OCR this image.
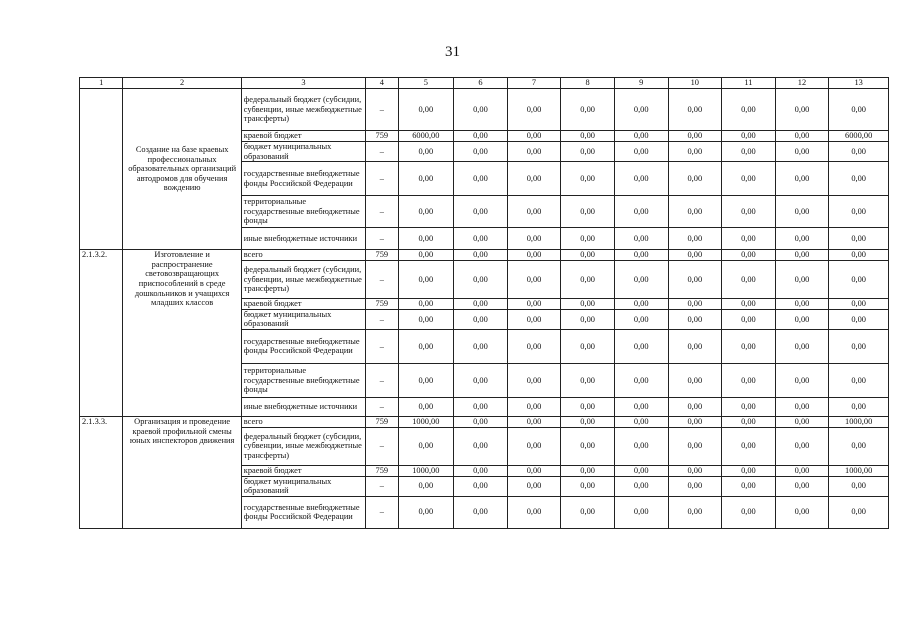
31
1	2	3	4	5	6	7	8	9	10	11	12	13
	Создание на базе краевых профессиональных образовательных организаций автодромов для обучения вождению	федеральный бюджет (субсидии, субвенции, иные межбюджетные трансферты)	–	0,00	0,00	0,00	0,00	0,00	0,00	0,00	0,00	0,00
		краевой бюджет	759	6000,00	0,00	0,00	0,00	0,00	0,00	0,00	0,00	6000,00
		бюджет муниципальных образований	–	0,00	0,00	0,00	0,00	0,00	0,00	0,00	0,00	0,00
		государственные внебюджетные фонды Российской Федерации	–	0,00	0,00	0,00	0,00	0,00	0,00	0,00	0,00	0,00
		территориальные государственные внебюджетные фонды	–	0,00	0,00	0,00	0,00	0,00	0,00	0,00	0,00	0,00
		иные внебюджетные источники	–	0,00	0,00	0,00	0,00	0,00	0,00	0,00	0,00	0,00
2.1.3.2.	Изготовление и распространение световозвращающих приспособлений в среде дошкольников и учащихся младших классов	всего	759	0,00	0,00	0,00	0,00	0,00	0,00	0,00	0,00	0,00
		федеральный бюджет (субсидии, субвенции, иные межбюджетные трансферты)	–	0,00	0,00	0,00	0,00	0,00	0,00	0,00	0,00	0,00
		краевой бюджет	759	0,00	0,00	0,00	0,00	0,00	0,00	0,00	0,00	0,00
		бюджет муниципальных образований	–	0,00	0,00	0,00	0,00	0,00	0,00	0,00	0,00	0,00
		государственные внебюджетные фонды Российской Федерации	–	0,00	0,00	0,00	0,00	0,00	0,00	0,00	0,00	0,00
		территориальные государственные внебюджетные фонды	–	0,00	0,00	0,00	0,00	0,00	0,00	0,00	0,00	0,00
		иные внебюджетные источники	–	0,00	0,00	0,00	0,00	0,00	0,00	0,00	0,00	0,00
2.1.3.3.	Организация и проведение краевой профильной смены юных инспекторов движения	всего	759	1000,00	0,00	0,00	0,00	0,00	0,00	0,00	0,00	1000,00
		федеральный бюджет (субсидии, субвенции, иные межбюджетные трансферты)	–	0,00	0,00	0,00	0,00	0,00	0,00	0,00	0,00	0,00
		краевой бюджет	759	1000,00	0,00	0,00	0,00	0,00	0,00	0,00	0,00	1000,00
		бюджет муниципальных образований	–	0,00	0,00	0,00	0,00	0,00	0,00	0,00	0,00	0,00
		государственные внебюджетные фонды Российской Федерации	–	0,00	0,00	0,00	0,00	0,00	0,00	0,00	0,00	0,00
